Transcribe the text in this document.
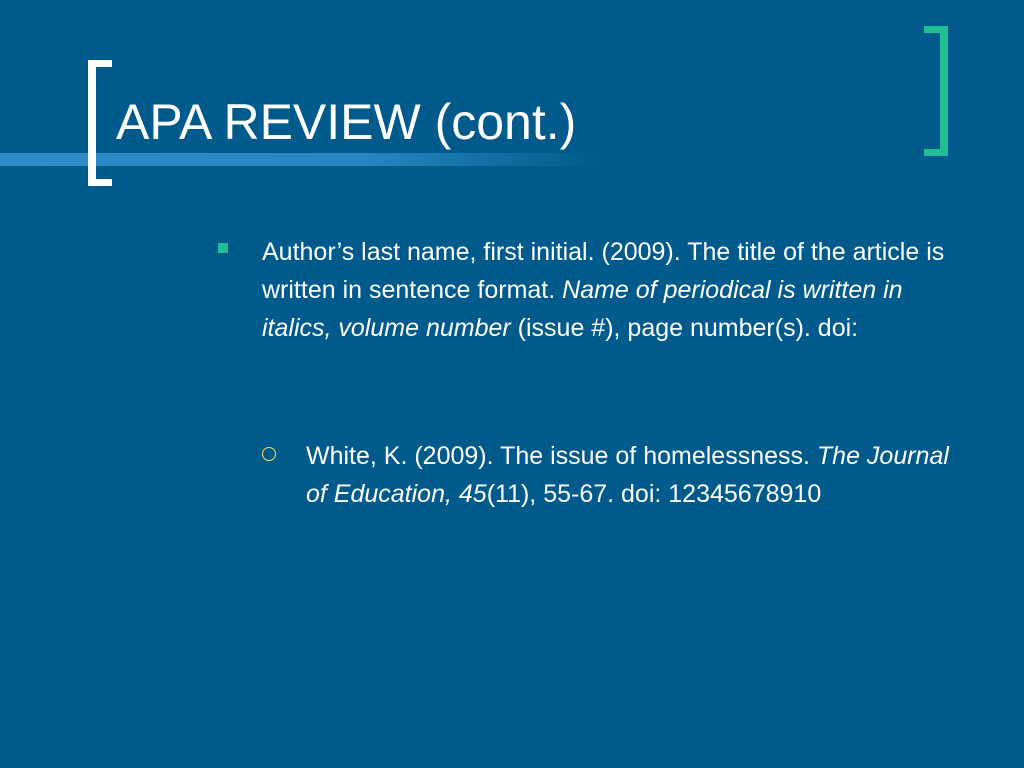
APA REVIEW (cont.)
Author’s last name, first initial. (2009). The title of the article is written in sentence format. Name of periodical is written in italics, volume number (issue #), page number(s). doi:
White, K. (2009). The issue of homelessness. The Journal of Education, 45(11), 55-67. doi: 12345678910
